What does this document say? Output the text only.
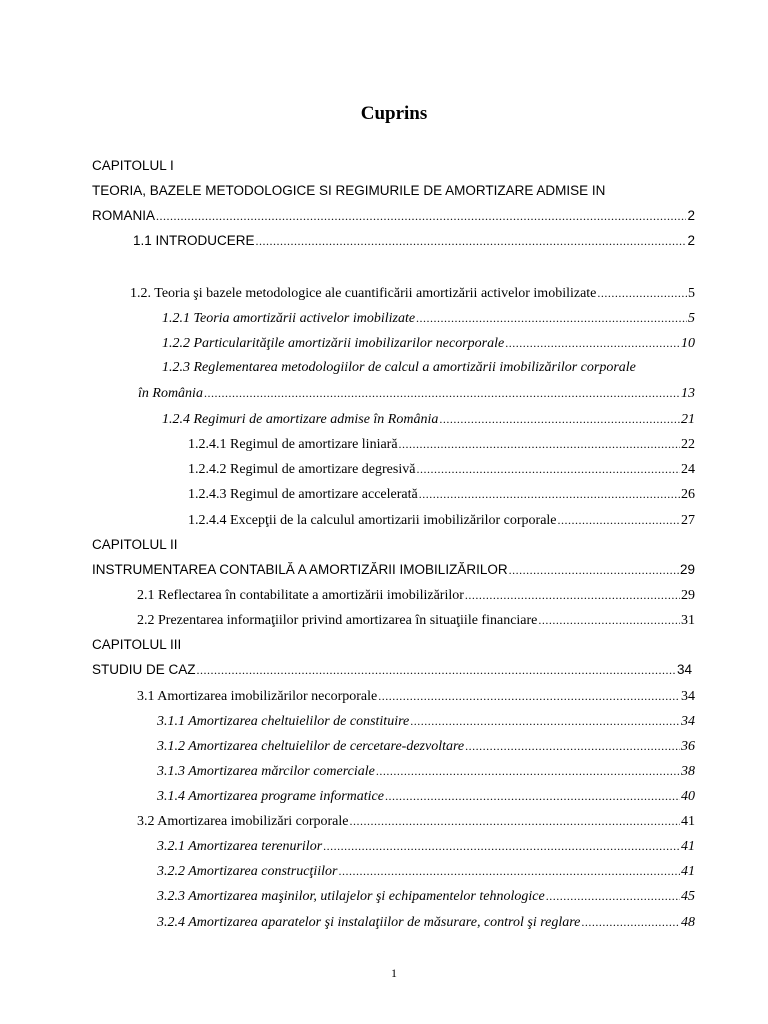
Cuprins
CAPITOLUL I
TEORIA, BAZELE METODOLOGICE SI REGIMURILE DE AMORTIZARE ADMISE IN
ROMANIA .....	2
1.1 INTRODUCERE .....	2
1.2. Teoria şi bazele metodologice ale cuantificării amortizării activelor imobilizate .....	5
1.2.1 Teoria amortizării activelor imobilizate .....	5
1.2.2 Particularităţile amortizării imobilizarilor necorporale .....	10
1.2.3 Reglementarea metodologiilor de calcul a amortizării imobilizărilor corporale
în România .....	13
1.2.4 Regimuri de amortizare admise în România .....	21
1.2.4.1 Regimul de amortizare liniară .....	22
1.2.4.2 Regimul de amortizare degresivă .....	24
1.2.4.3 Regimul de amortizare accelerată .....	26
1.2.4.4 Excepţii de la calculul amortizarii imobilizărilor corporale .....	27
CAPITOLUL II
INSTRUMENTAREA CONTABILĂ A AMORTIZĂRII IMOBILIZĂRILOR .....	29
2.1 Reflectarea în contabilitate a amortizării imobilizărilor .....	29
2.2 Prezentarea informaţiilor privind amortizarea în situaţiile financiare .....	31
CAPITOLUL III
STUDIU DE CAZ .....	34
3.1 Amortizarea imobilizărilor necorporale .....	34
3.1.1 Amortizarea cheltuielilor de constituire .....	34
3.1.2 Amortizarea cheltuielilor de cercetare-dezvoltare .....	36
3.1.3 Amortizarea mărcilor comerciale .....	38
3.1.4 Amortizarea programe informatice .....	40
3.2 Amortizarea imobilizări corporale .....	41
3.2.1 Amortizarea terenurilor .....	41
3.2.2 Amortizarea construcţiilor .....	41
3.2.3 Amortizarea maşinilor, utilajelor şi echipamentelor tehnologice .....	45
3.2.4 Amortizarea aparatelor şi instalaţiilor de măsurare, control şi reglare .....	48
1
